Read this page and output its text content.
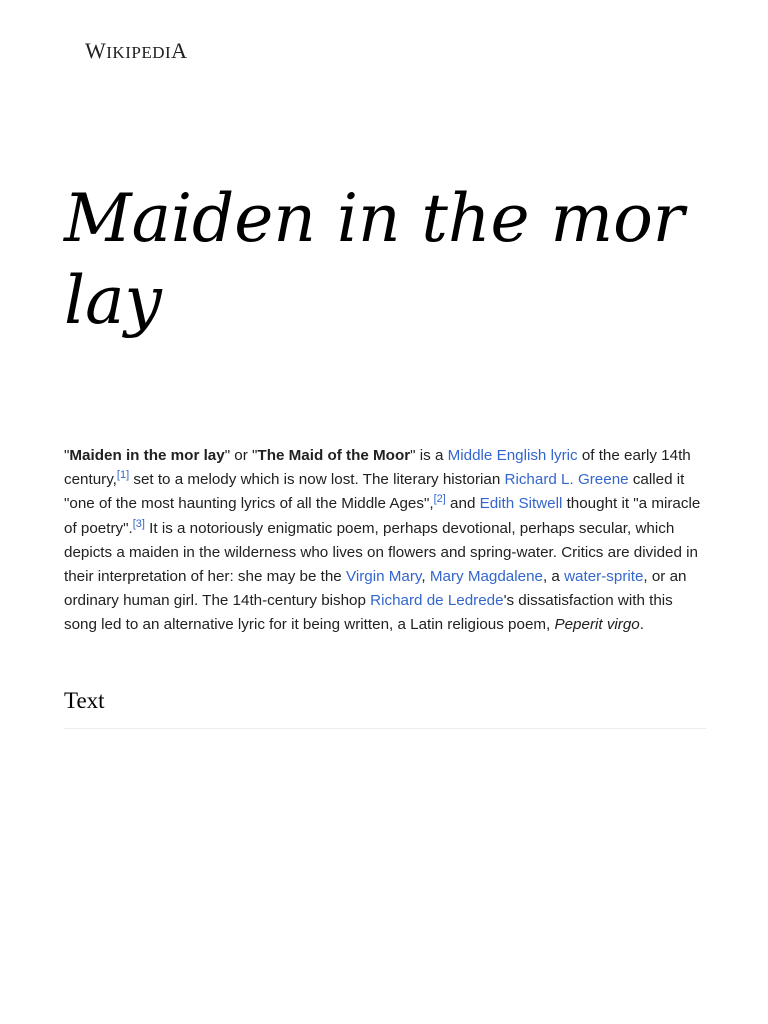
WIKIPEDIA
Maiden in the mor
lay

"Maiden in the mor lay" or "The Maid of the Moor" is a Middle English lyric of the early 14th century,[1] set to a melody which is now lost. The literary historian Richard L. Greene called it "one of the most haunting lyrics of all the Middle Ages",[2] and Edith Sitwell thought it "a miracle of poetry".[3] It is a notoriously enigmatic poem, perhaps devotional, perhaps secular, which depicts a maiden in the wilderness who lives on flowers and spring-water. Critics are divided in their interpretation of her: she may be the Virgin Mary, Mary Magdalene, a water-sprite, or an ordinary human girl. The 14th-century bishop Richard de Ledrede's dissatisfaction with this song led to an alternative lyric for it being written, a Latin religious poem, Peperit virgo.

Text
